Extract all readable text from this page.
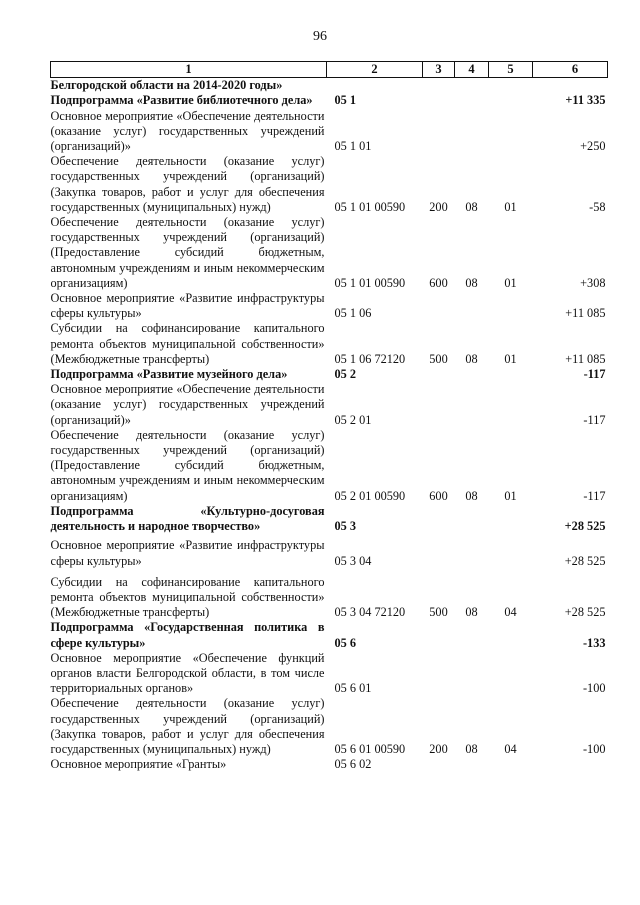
96
1	2	3	4	5	6
Белгородской области на 2014-2020 годы»					
Подпрограмма «Развитие библиотечного дела»	05 1				+11 335
Основное мероприятие «Обеспечение деятельности (оказание услуг) государственных учреждений (организаций)»	05 1 01				+250
Обеспечение деятельности (оказание услуг) государственных учреждений (организаций) (Закупка товаров, работ и услуг для обеспечения государственных (муниципальных) нужд)	05 1 01 00590	200	08	01	-58
Обеспечение деятельности (оказание услуг) государственных учреждений (организаций) (Предоставление субсидий бюджетным, автономным учреждениям и иным некоммерческим организациям)	05 1 01 00590	600	08	01	+308
Основное мероприятие «Развитие инфраструктуры сферы культуры»	05 1 06				+11 085
Субсидии на софинансирование капитального ремонта объектов муниципальной собственности» (Межбюджетные трансферты)	05 1 06 72120	500	08	01	+11 085
Подпрограмма «Развитие музейного дела»	05 2				-117
Основное мероприятие «Обеспечение деятельности (оказание услуг) государственных учреждений (организаций)»	05 2 01				-117
Обеспечение деятельности (оказание услуг) государственных учреждений (организаций) (Предоставление субсидий бюджетным, автономным учреждениям и иным некоммерческим организациям)	05 2 01 00590	600	08	01	-117
Подпрограмма «Культурно-досуговая деятельность и народное творчество»	05 3				+28 525
Основное мероприятие «Развитие инфраструктуры сферы культуры»	05 3 04				+28 525
Субсидии на софинансирование капитального ремонта объектов муниципальной собственности» (Межбюджетные трансферты)	05 3 04 72120	500	08	04	+28 525
Подпрограмма «Государственная политика в сфере культуры»	05 6				-133
Основное мероприятие «Обеспечение функций органов власти Белгородской области, в том числе территориальных органов»	05 6 01				-100
Обеспечение деятельности (оказание услуг) государственных учреждений (организаций) (Закупка товаров, работ и услуг для обеспечения государственных (муниципальных) нужд)	05 6 01 00590	200	08	04	-100
Основное мероприятие «Гранты»	05 6 02				
